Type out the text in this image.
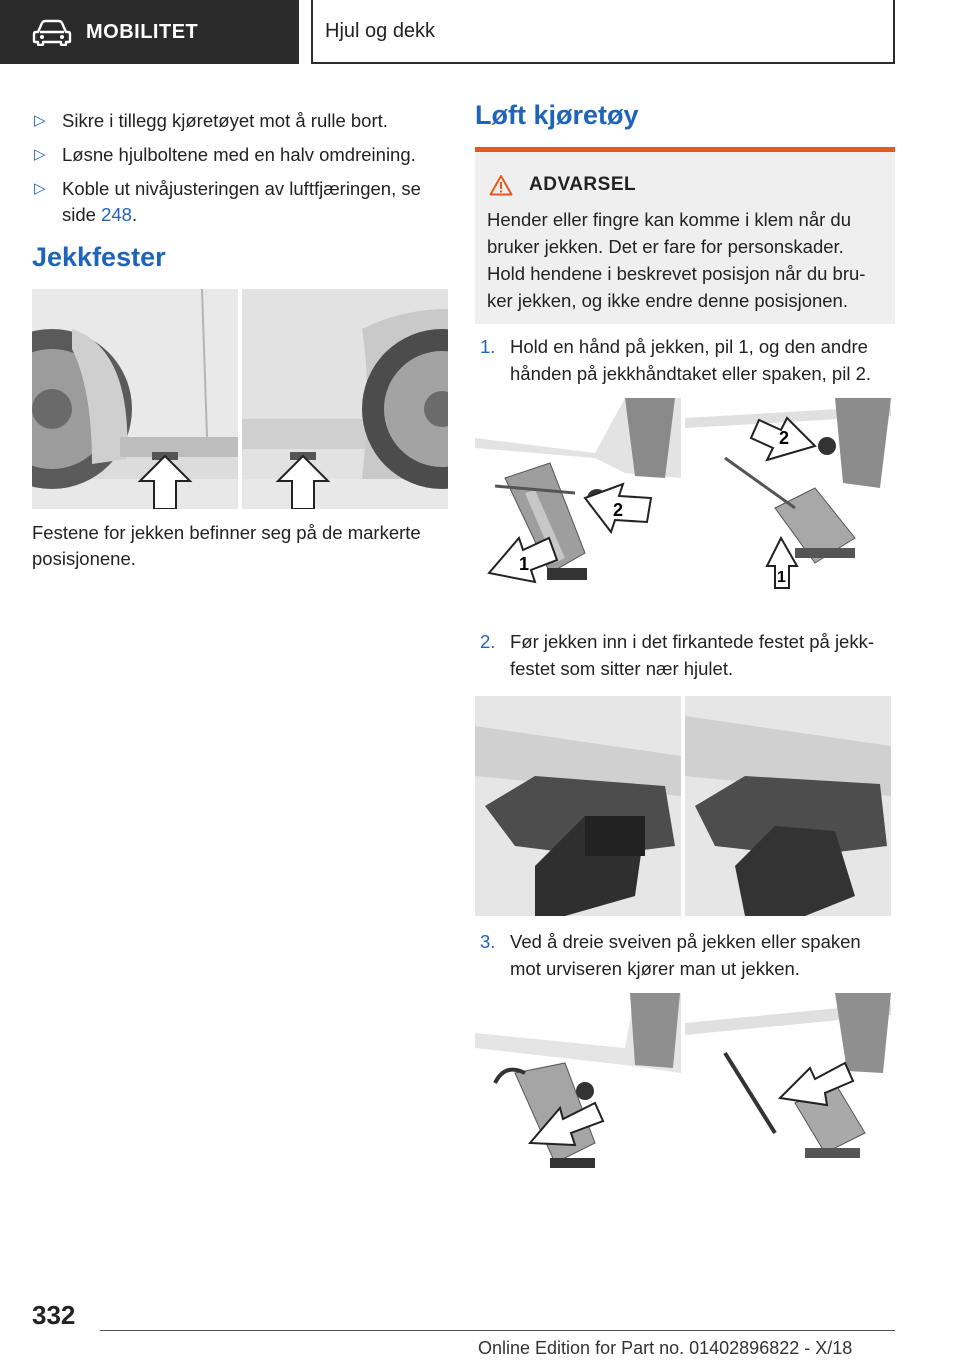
MOBILITET	Hjul og dekk
▷ Sikre i tillegg kjøretøyet mot å rulle bort.
▷ Løsne hjulboltene med en halv omdreining.
▷ Koble ut nivåjusteringen av luftfjæringen, se side 248.
Jekkfester
Festene for jekken befinner seg på de markerte posisjonene.
Løft kjøretøy
ADVARSEL
Hender eller fingre kan komme i klem når du bruker jekken. Det er fare for personskader. Hold hendene i beskrevet posisjon når du bru-ker jekken, og ikke endre denne posisjonen.
1. Hold en hånd på jekken, pil 1, og den andre hånden på jekkhåndtaket eller spaken, pil 2.
1
2
2
1
2. Før jekken inn i det firkantede festet på jekk-festet som sitter nær hjulet.
3. Ved å dreie sveiven på jekken eller spaken mot urviseren kjører man ut jekken.
332
Online Edition for Part no. 01402896822 - X/18
